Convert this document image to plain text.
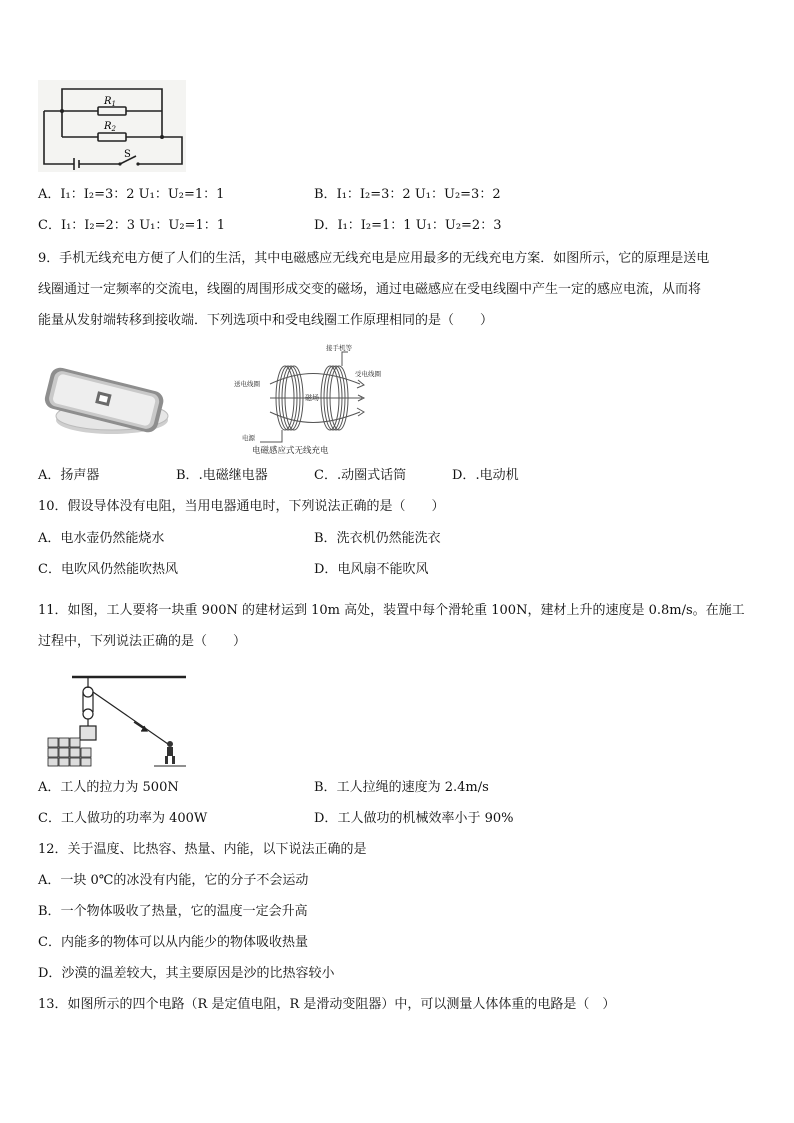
$R_1$
$R_2$
S
A．I₁：I₂=3：2 U₁：U₂=1：1	B．I₁：I₂=3：2 U₁：U₂=3：2
C．I₁：I₂=2：3 U₁：U₂=1：1	D．I₁：I₂=1：1 U₁：U₂=2：3
9．手机无线充电方便了人们的生活，其中电磁感应无线充电是应用最多的无线充电方案．如图所示，它的原理是送电
线圈通过一定频率的交流电，线圈的周围形成交变的磁场，通过电磁感应在受电线圈中产生一定的感应电流，从而将
能量从发射端转移到接收端．下列选项中和受电线圈工作原理相同的是（　　）
磁场
接手机等
送电线圈
受电线圈
电源
电磁感应式无线充电
A．扬声器	B．.电磁继电器	C．.动圈式话筒	D．.电动机
10．假设导体没有电阻，当用电器通电时，下列说法正确的是（　　）
A．电水壶仍然能烧水	B．洗衣机仍然能洗衣
C．电吹风仍然能吹热风	D．电风扇不能吹风
11．如图，工人要将一块重 900N 的建材运到 10m 高处，装置中每个滑轮重 100N，建材上升的速度是 0.8m/s。在施工
过程中，下列说法正确的是（　　）
A．工人的拉力为 500N	B．工人拉绳的速度为 2.4m/s
C．工人做功的功率为 400W	D．工人做功的机械效率小于 90%
12．关于温度、比热容、热量、内能，以下说法正确的是
A．一块 0℃的冰没有内能，它的分子不会运动
B．一个物体吸收了热量，它的温度一定会升高
C．内能多的物体可以从内能少的物体吸收热量
D．沙漠的温差较大，其主要原因是沙的比热容较小
13．如图所示的四个电路（R 是定值电阻，R 是滑动变阻器）中，可以测量人体体重的电路是（　）
